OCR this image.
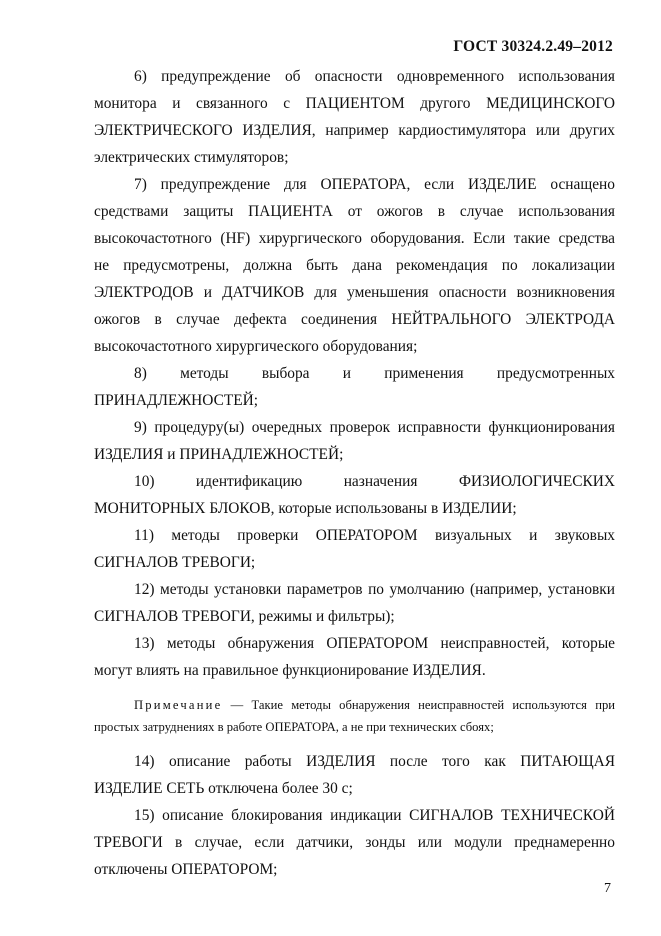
ГОСТ 30324.2.49–2012
6) предупреждение об опасности одновременного использования
монитора и связанного с ПАЦИЕНТОМ другого МЕДИЦИНСКОГО
ЭЛЕКТРИЧЕСКОГО ИЗДЕЛИЯ, например кардиостимулятора или других
электрических стимуляторов;
7) предупреждение для ОПЕРАТОРА, если ИЗДЕЛИЕ оснащено
средствами защиты ПАЦИЕНТА от ожогов в случае использования
высокочастотного (HF) хирургического оборудования. Если такие средства
не предусмотрены, должна быть дана рекомендация по локализации
ЭЛЕКТРОДОВ и ДАТЧИКОВ для уменьшения опасности возникновения
ожогов в случае дефекта соединения НЕЙТРАЛЬНОГО ЭЛЕКТРОДА
высокочастотного хирургического оборудования;
8) методы выбора и применения предусмотренных
ПРИНАДЛЕЖНОСТЕЙ;
9) процедуру(ы) очередных проверок исправности функционирования
ИЗДЕЛИЯ и ПРИНАДЛЕЖНОСТЕЙ;
10) идентификацию назначения ФИЗИОЛОГИЧЕСКИХ
МОНИТОРНЫХ БЛОКОВ, которые использованы в ИЗДЕЛИИ;
11) методы проверки ОПЕРАТОРОМ визуальных и звуковых
СИГНАЛОВ ТРЕВОГИ;
12) методы установки параметров по умолчанию (например, установки
СИГНАЛОВ ТРЕВОГИ, режимы и фильтры);
13) методы обнаружения ОПЕРАТОРОМ неисправностей, которые
могут влиять на правильное функционирование ИЗДЕЛИЯ.
Примечание — Такие методы обнаружения неисправностей используются при
простых затруднениях в работе ОПЕРАТОРА, а не при технических сбоях;
14) описание работы ИЗДЕЛИЯ после того как ПИТАЮЩАЯ
ИЗДЕЛИЕ СЕТЬ отключена более 30 с;
15) описание блокирования индикации СИГНАЛОВ ТЕХНИЧЕСКОЙ
ТРЕВОГИ в случае, если датчики, зонды или модули преднамеренно
отключены ОПЕРАТОРОМ;
7
